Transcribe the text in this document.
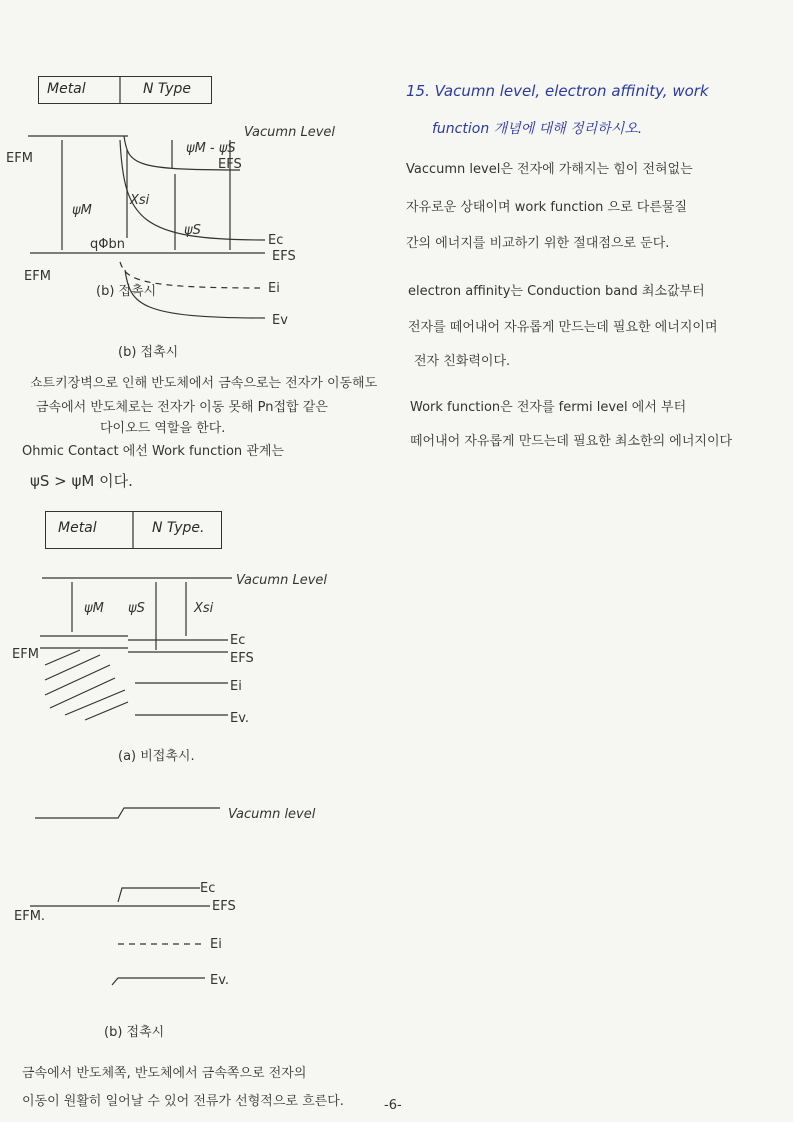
Metal	N Type
Vacumn Level
ψM - ψS
EFS
EFM
Xsi
ψM
ψS
qΦbn	Ec
EFS
EFM
(b) 접촉시	Ei
Ev
(b) 접촉시
Vacumn Level
ψM ψS	Xsi
Ec
EFM	EFS
Ei
Ev.
(a) 비접촉시.
Vacumn level
Ec
EFM.
EFS
Ei
Ev.
(b) 접촉시
Metal	N Type.
쇼트키장벽으로 인해 반도체에서 금속으로는 전자가 이동해도
금속에서 반도체로는 전자가 이동 못해 Pn접합 같은
다이오드 역할을 한다.
Ohmic Contact 에선 Work function 관계는
ψS > ψM 이다.
금속에서 반도체쪽, 반도체에서 금속쪽으로 전자의
이동이 원활히 일어날 수 있어 전류가 선형적으로 흐른다.	-6-
15. Vacumn level, electron affinity, work
function 개념에 대해 정리하시오.
Vaccumn level은 전자에 가해지는 힘이 전혀없는
자유로운 상태이며 work function 으로 다른물질
간의 에너지를 비교하기 위한 절대점으로 둔다.
electron affinity는 Conduction band 최소값부터
전자를 떼어내어 자유롭게 만드는데 필요한 에너지이며
전자 친화력이다.
Work function은 전자를 fermi level 에서 부터
떼어내어 자유롭게 만드는데 필요한 최소한의 에너지이다
